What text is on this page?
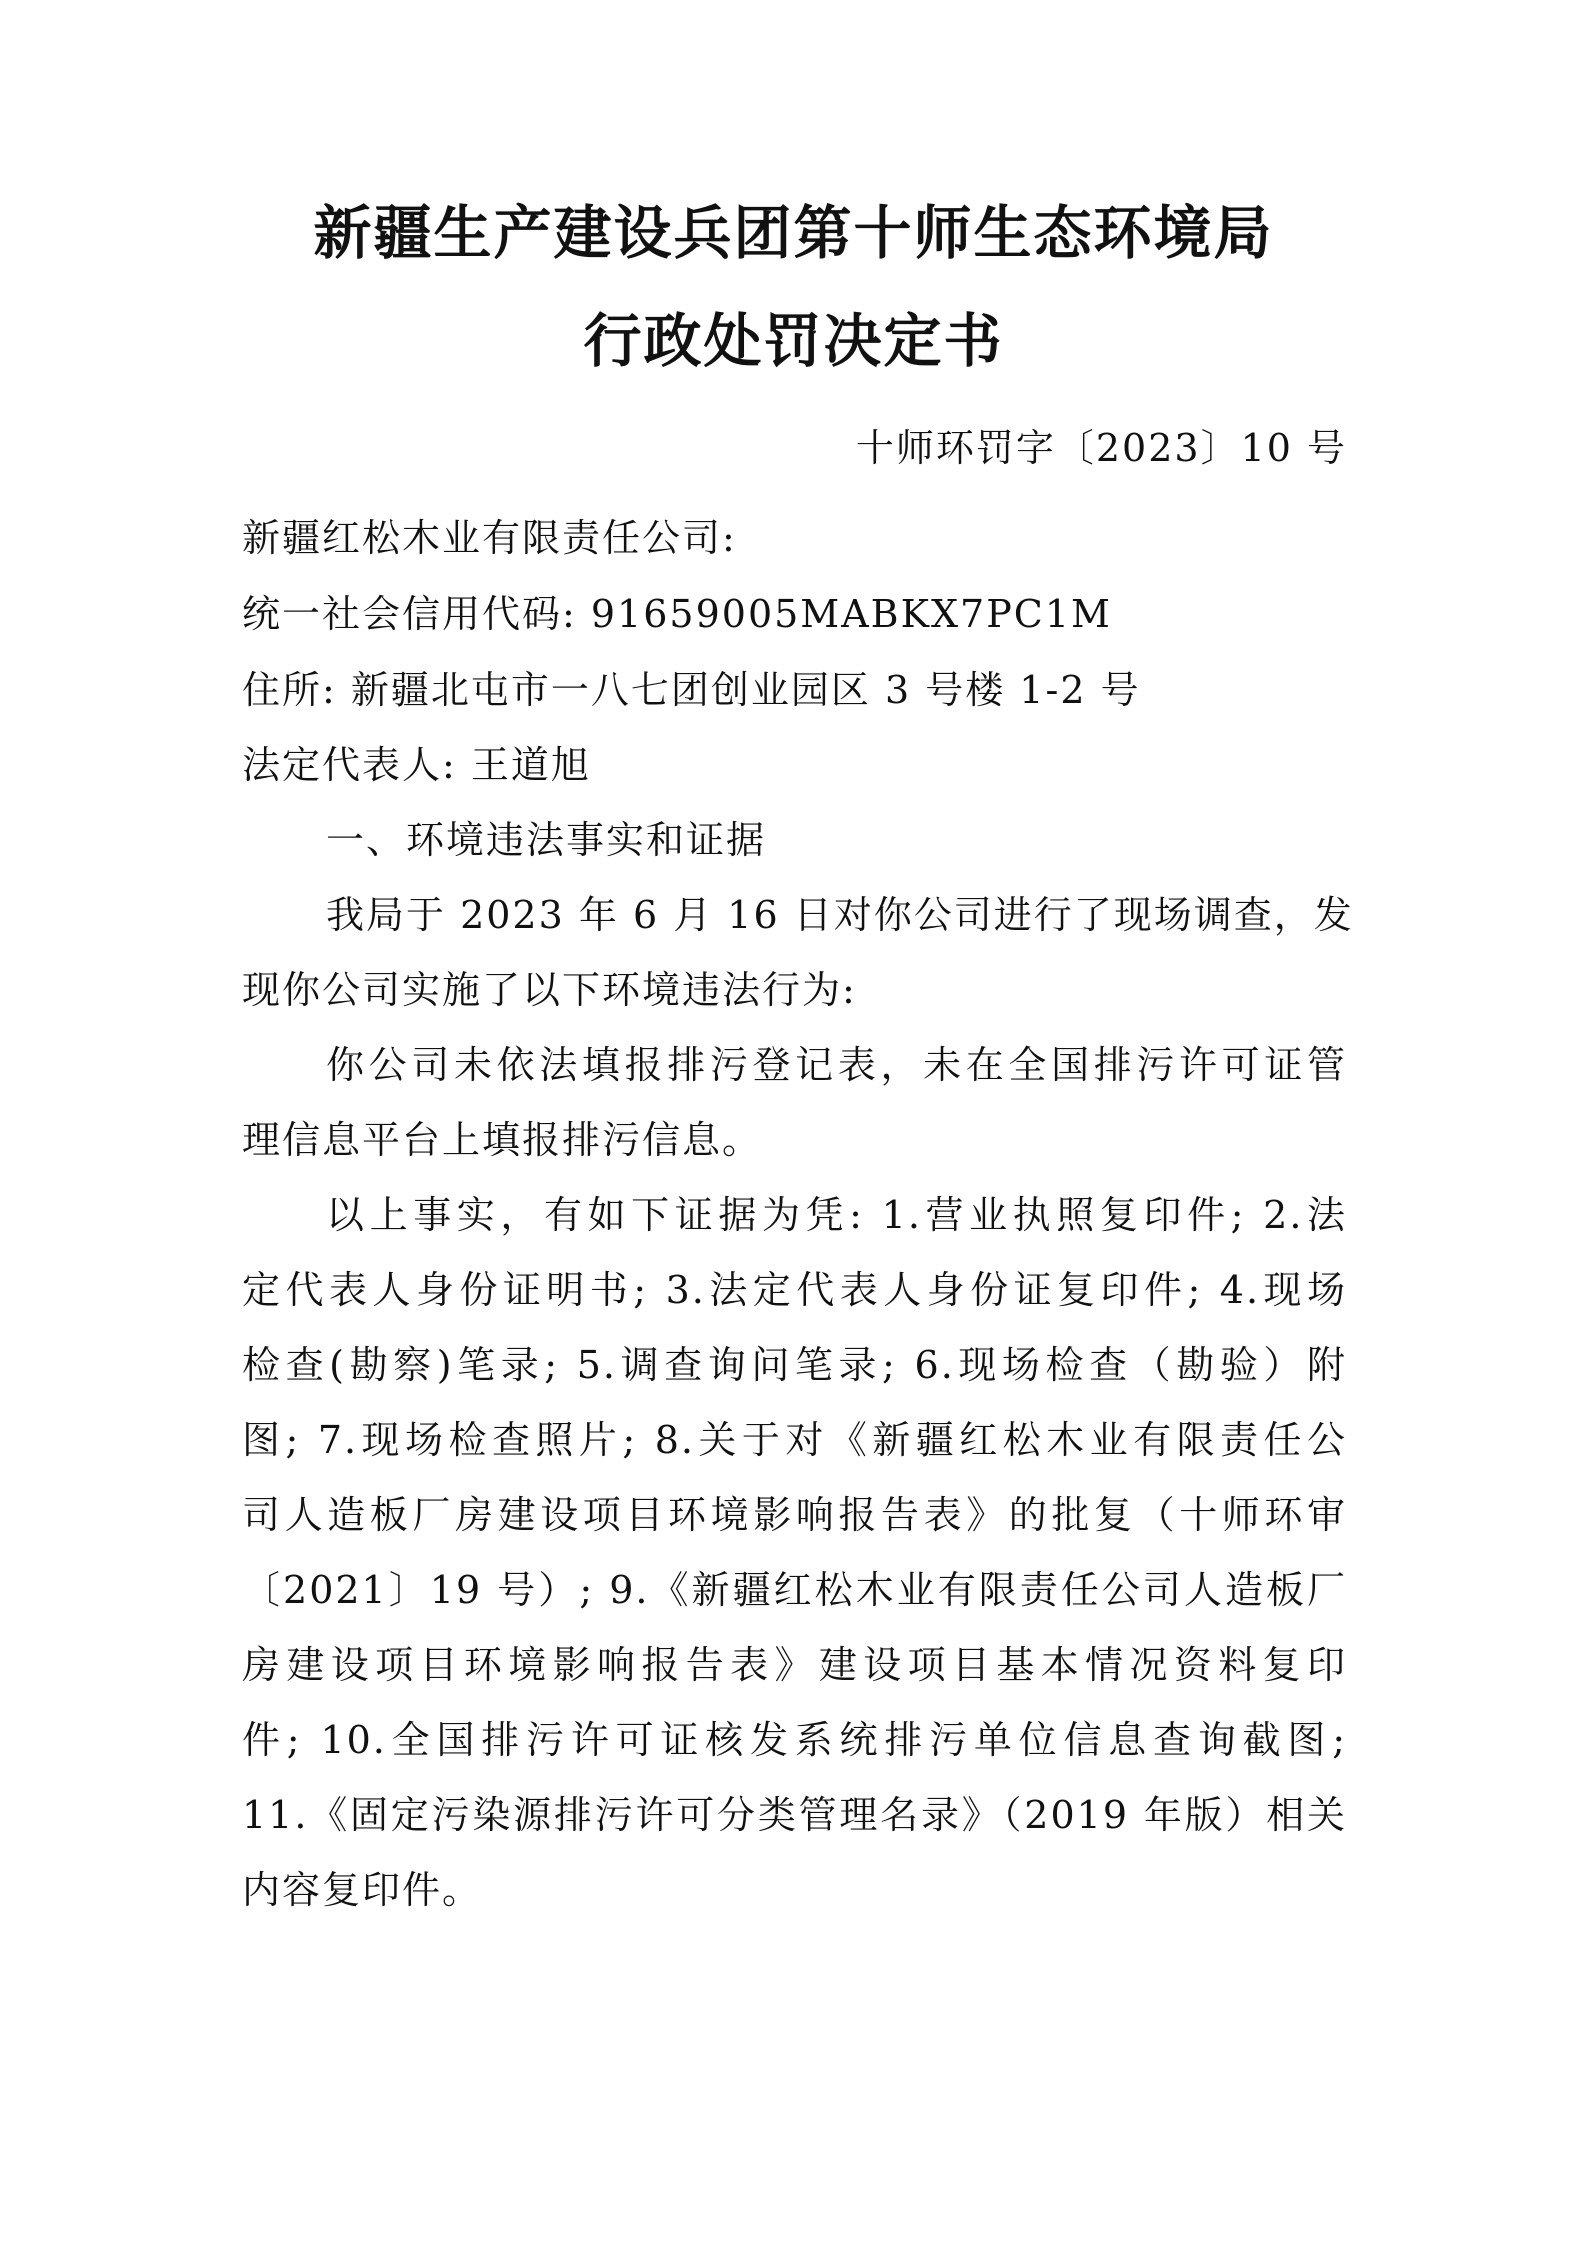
新疆生产建设兵团第十师生态环境局
行政处罚决定书
十师环罚字〔2023〕10 号
新疆红松木业有限责任公司:
统一社会信用代码: 91659005MABKX7PC1M
住所: 新疆北屯市一八七团创业园区 3 号楼 1-2 号
法定代表人: 王道旭
一、环境违法事实和证据
我局于 2023 年 6 月 16 日对你公司进行了现场调查，发
现你公司实施了以下环境违法行为:
你公司未依法填报排污登记表，未在全国排污许可证管
理信息平台上填报排污信息。
以上事实，有如下证据为凭: 1.营业执照复印件; 2.法
定代表人身份证明书; 3.法定代表人身份证复印件; 4.现场
检查(勘察)笔录; 5.调查询问笔录; 6.现场检查（勘验）附
图; 7.现场检查照片; 8.关于对《新疆红松木业有限责任公
司人造板厂房建设项目环境影响报告表》的批复（十师环审
〔2021〕19 号）; 9.《新疆红松木业有限责任公司人造板厂
房建设项目环境影响报告表》建设项目基本情况资料复印
件; 10.全国排污许可证核发系统排污单位信息查询截图;
11.《固定污染源排污许可分类管理名录》（2019 年版）相关
内容复印件。
